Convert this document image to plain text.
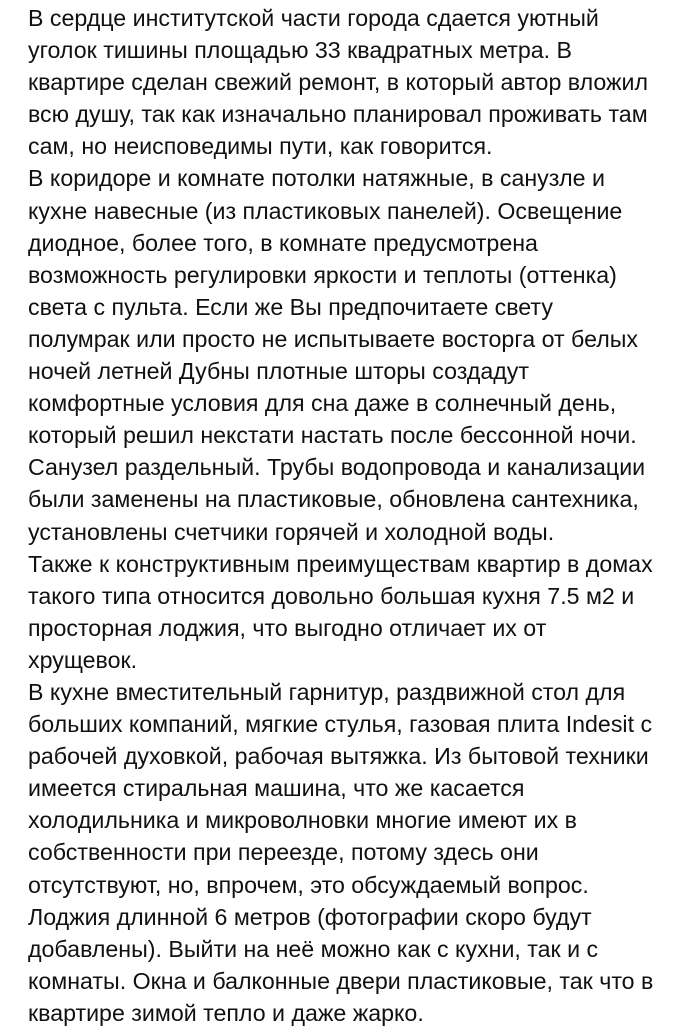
В сердце институтской части города сдается уютный
уголок тишины площадью 33 квадратных метра. В
квартире сделан свежий ремонт, в который автор вложил
всю душу, так как изначально планировал проживать там
сам, но неисповедимы пути, как говорится.
В коридоре и комнате потолки натяжные, в санузле и
кухне навесные (из пластиковых панелей). Освещение
диодное, более того, в комнате предусмотрена
возможность регулировки яркости и теплоты (оттенка)
света с пульта. Если же Вы предпочитаете свету
полумрак или просто не испытываете восторга от белых
ночей летней Дубны плотные шторы создадут
комфортные условия для сна даже в солнечный день,
который решил некстати настать после бессонной ночи.
Санузел раздельный. Трубы водопровода и канализации
были заменены на пластиковые, обновлена сантехника,
установлены счетчики горячей и холодной воды.
Также к конструктивным преимуществам квартир в домах
такого типа относится довольно большая кухня 7.5 м2 и
просторная лоджия, что выгодно отличает их от
хрущевок.
В кухне вместительный гарнитур, раздвижной стол для
больших компаний, мягкие стулья, газовая плита Indesit с
рабочей духовкой, рабочая вытяжка. Из бытовой техники
имеется стиральная машина, что же касается
холодильника и микроволновки многие имеют их в
собственности при переезде, потому здесь они
отсутствуют, но, впрочем, это обсуждаемый вопрос.
Лоджия длинной 6 метров (фотографии скоро будут
добавлены). Выйти на неё можно как с кухни, так и с
комнаты. Окна и балконные двери пластиковые, так что в
квартире зимой тепло и даже жарко.
